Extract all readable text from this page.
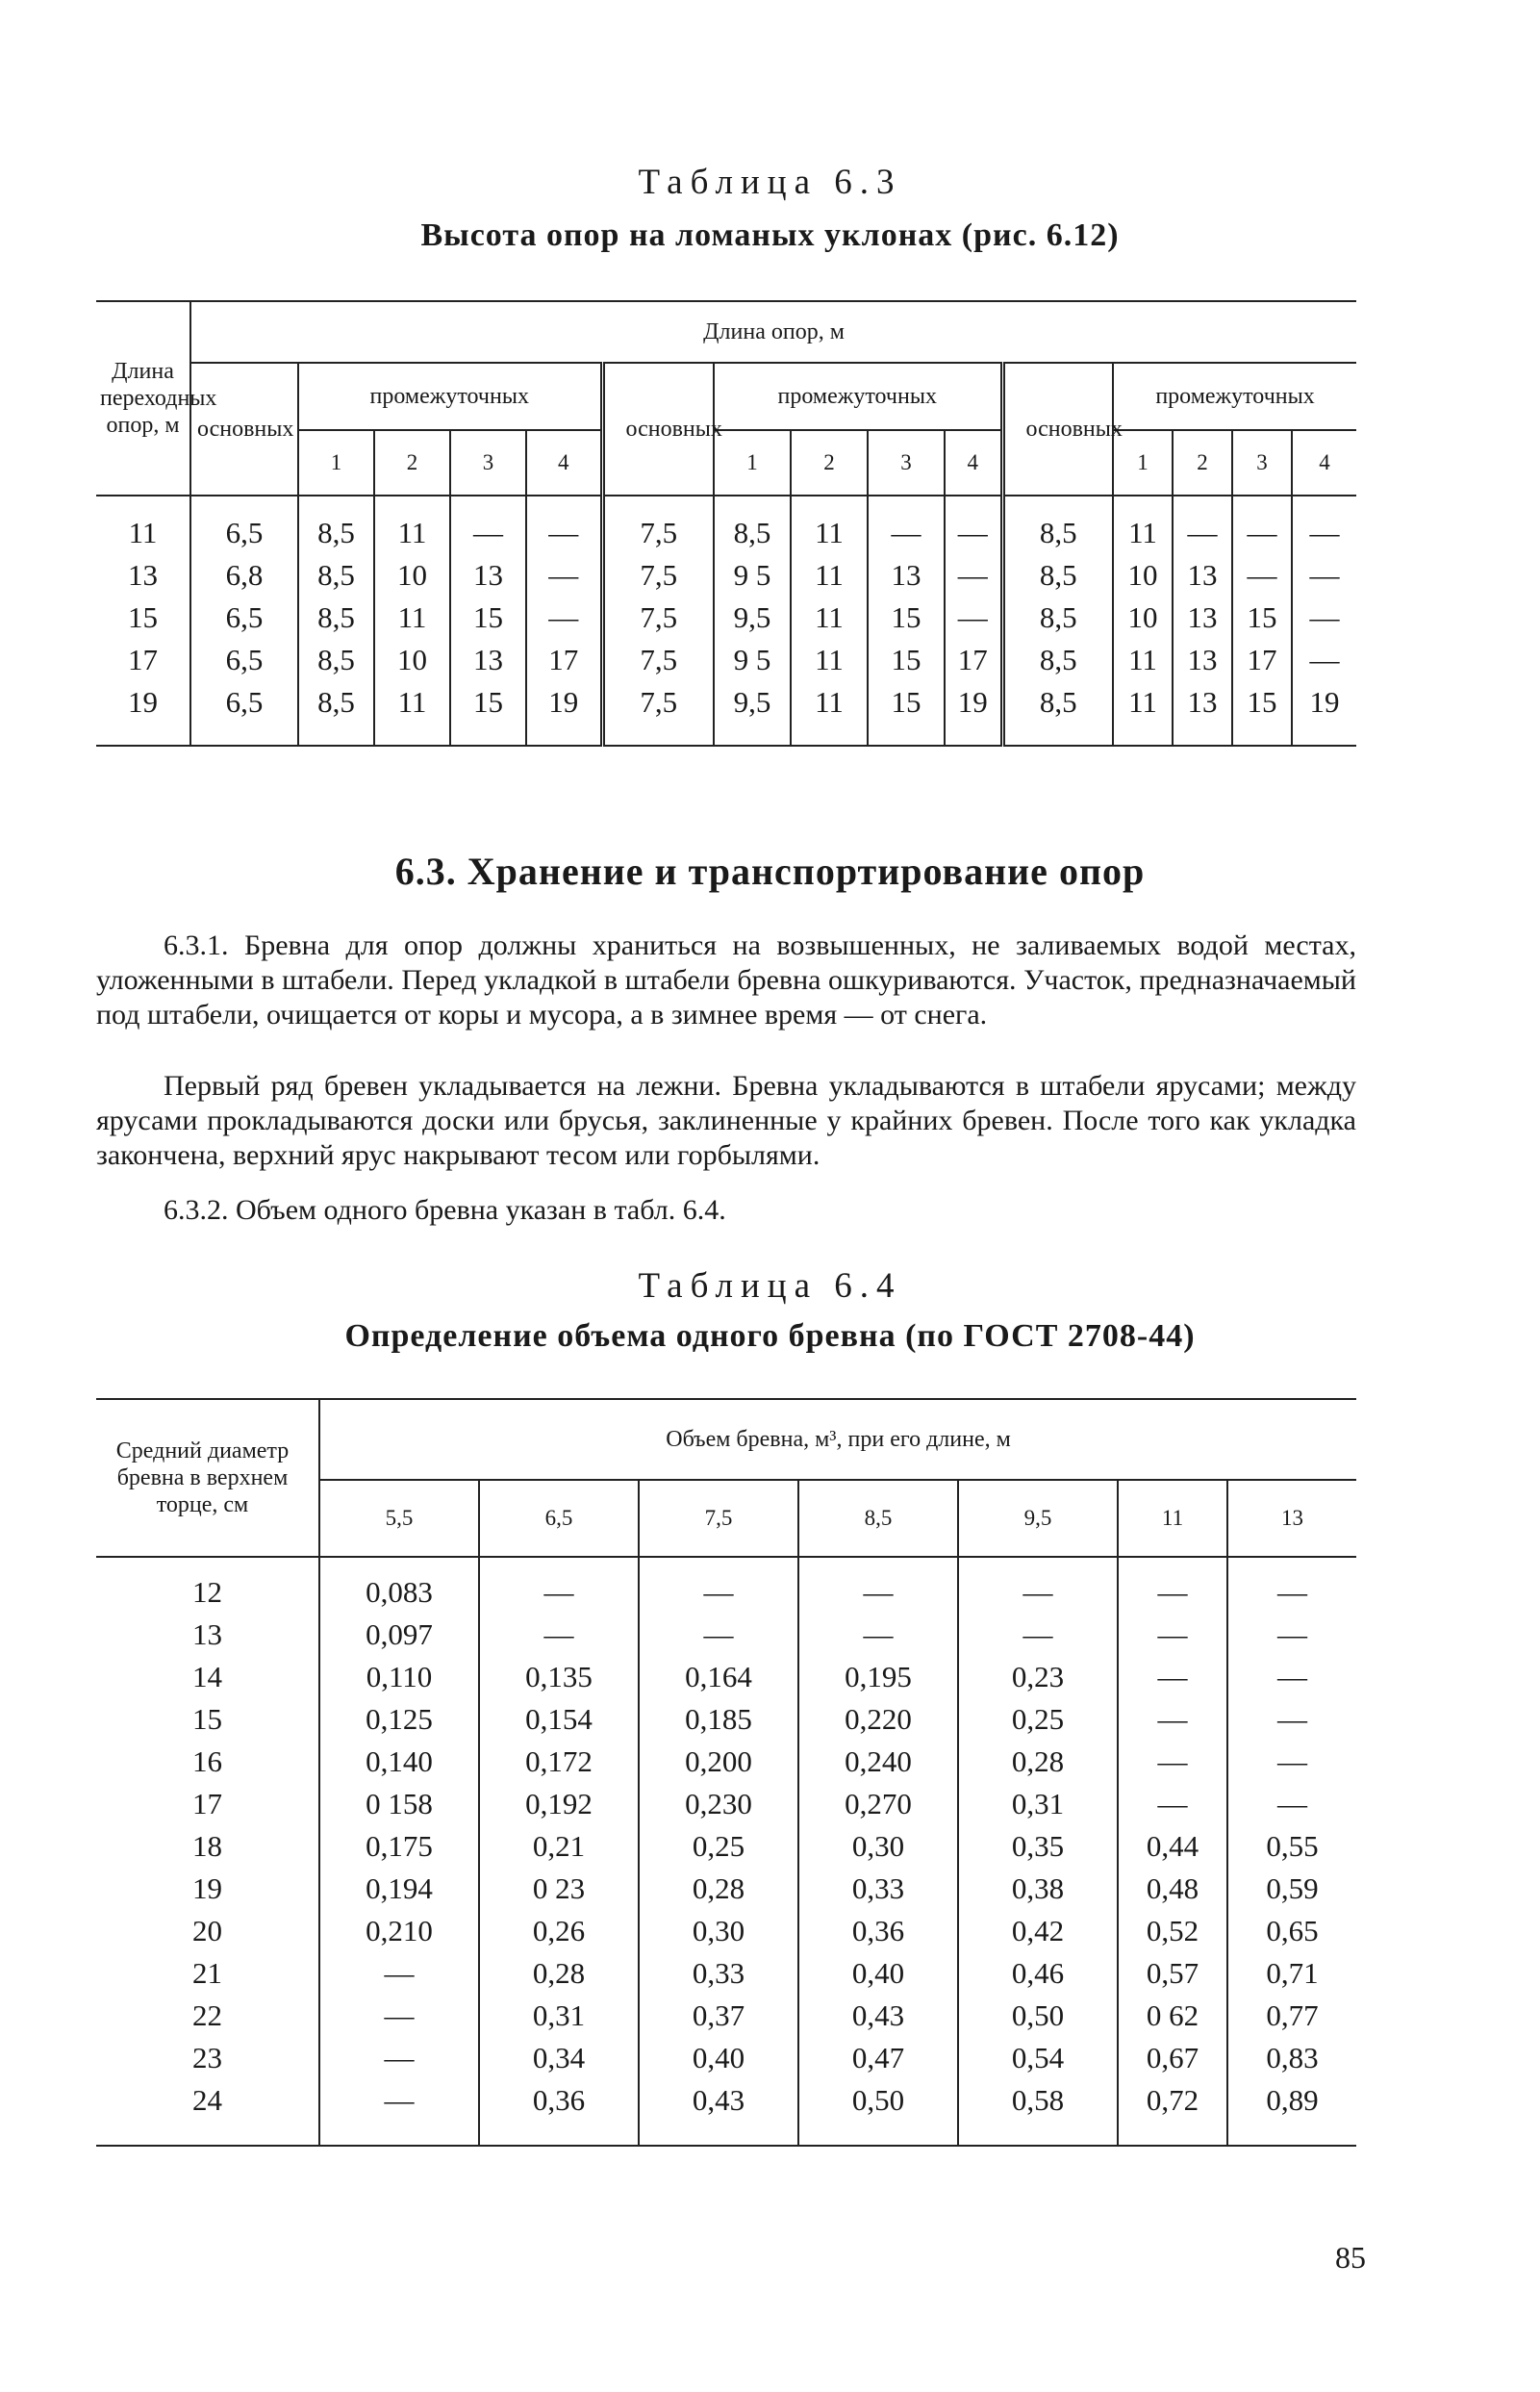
Таблица 6.3
Высота опор на ломаных уклонах (рис. 6.12)
Длина переходных опор, м	Длина опор, м														
	основных	промежуточных				основных	промежуточных				основных	промежуточных			
		1	2	3	4		1	2	3	4		1	2	3	4
11	6,5	8,5	11	—	—	7,5	8,5	11	—	—	8,5	11	—	—	—
13	6,8	8,5	10	13	—	7,5	9 5	11	13	—	8,5	10	13	—	—
15	6,5	8,5	11	15	—	7,5	9,5	11	15	—	8,5	10	13	15	—
17	6,5	8,5	10	13	17	7,5	9 5	11	15	17	8,5	11	13	17	—
19	6,5	8,5	11	15	19	7,5	9,5	11	15	19	8,5	11	13	15	19
6.3. Хранение и транспортирование опор
6.3.1. Бревна для опор должны храниться на возвышенных, не заливаемых водой местах, уложенными в штабели. Перед укладкой в штабели бревна ошкуриваются. Участок, предназначаемый под штабели, очищается от коры и мусора, а в зимнее время — от снега.
Первый ряд бревен укладывается на лежни. Бревна укладываются в штабели ярусами; между ярусами прокладываются доски или брусья, заклиненные у крайних бревен. После того как укладка закончена, верхний ярус накрывают тесом или горбылями.
6.3.2. Объем одного бревна указан в табл. 6.4.
Таблица 6.4
Определение объема одного бревна (по ГОСТ 2708-44)
Средний диаметр бревна в верхнем торце, см	Объем бревна, м³, при его длине, м						
	5,5	6,5	7,5	8,5	9,5	11	13
12	0,083	—	—	—	—	—	—
13	0,097	—	—	—	—	—	—
14	0,110	0,135	0,164	0,195	0,23	—	—
15	0,125	0,154	0,185	0,220	0,25	—	—
16	0,140	0,172	0,200	0,240	0,28	—	—
17	0 158	0,192	0,230	0,270	0,31	—	—
18	0,175	0,21	0,25	0,30	0,35	0,44	0,55
19	0,194	0 23	0,28	0,33	0,38	0,48	0,59
20	0,210	0,26	0,30	0,36	0,42	0,52	0,65
21	—	0,28	0,33	0,40	0,46	0,57	0,71
22	—	0,31	0,37	0,43	0,50	0 62	0,77
23	—	0,34	0,40	0,47	0,54	0,67	0,83
24	—	0,36	0,43	0,50	0,58	0,72	0,89
85
